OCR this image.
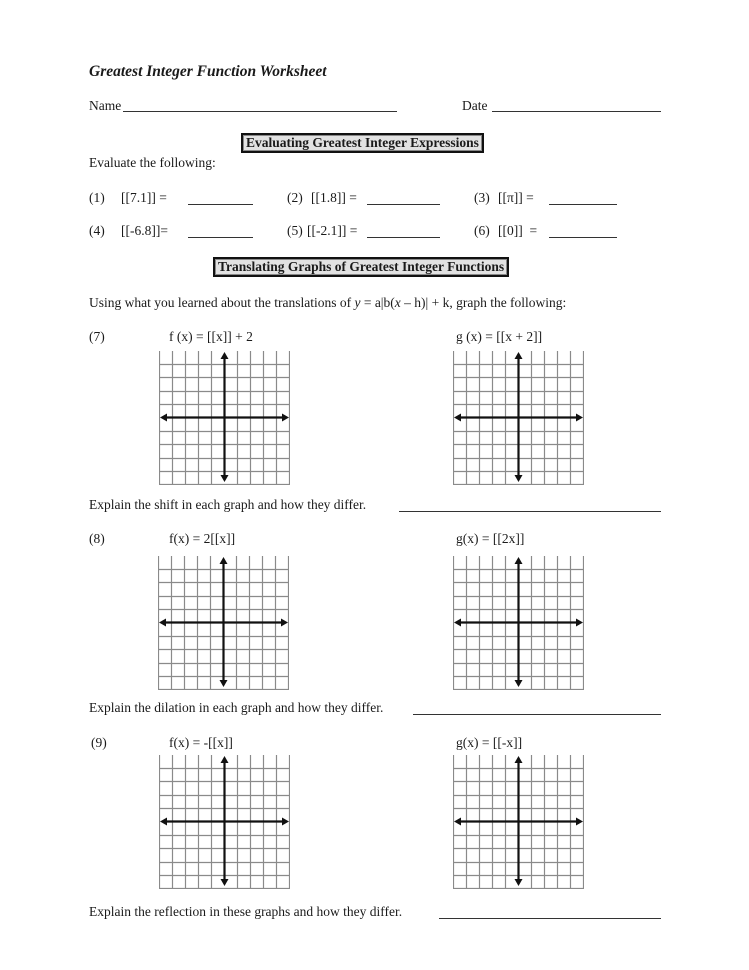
Greatest Integer Function Worksheet
Name	Date
Evaluating Greatest Integer Expressions
Evaluate the following:
(1) [[7.1]] =	(2) [[1.8]] =	(3) [[π]] =
(4) [[-6.8]]=	(5) [[-2.1]] =	(6) [[0]]  =
Translating Graphs of Greatest Integer Functions
Using what you learned about the translations of y = a|b(x – h)| + k, graph the following:
(7)	f (x) = [[x]] + 2	g (x) = [[x + 2]]
Explain the shift in each graph and how they differ.
(8)	f(x) = 2[[x]]	g(x) = [[2x]]
Explain the dilation in each graph and how they differ.
(9)	f(x) = -[[x]]	g(x) = [[-x]]
Explain the reflection in these graphs and how they differ.
